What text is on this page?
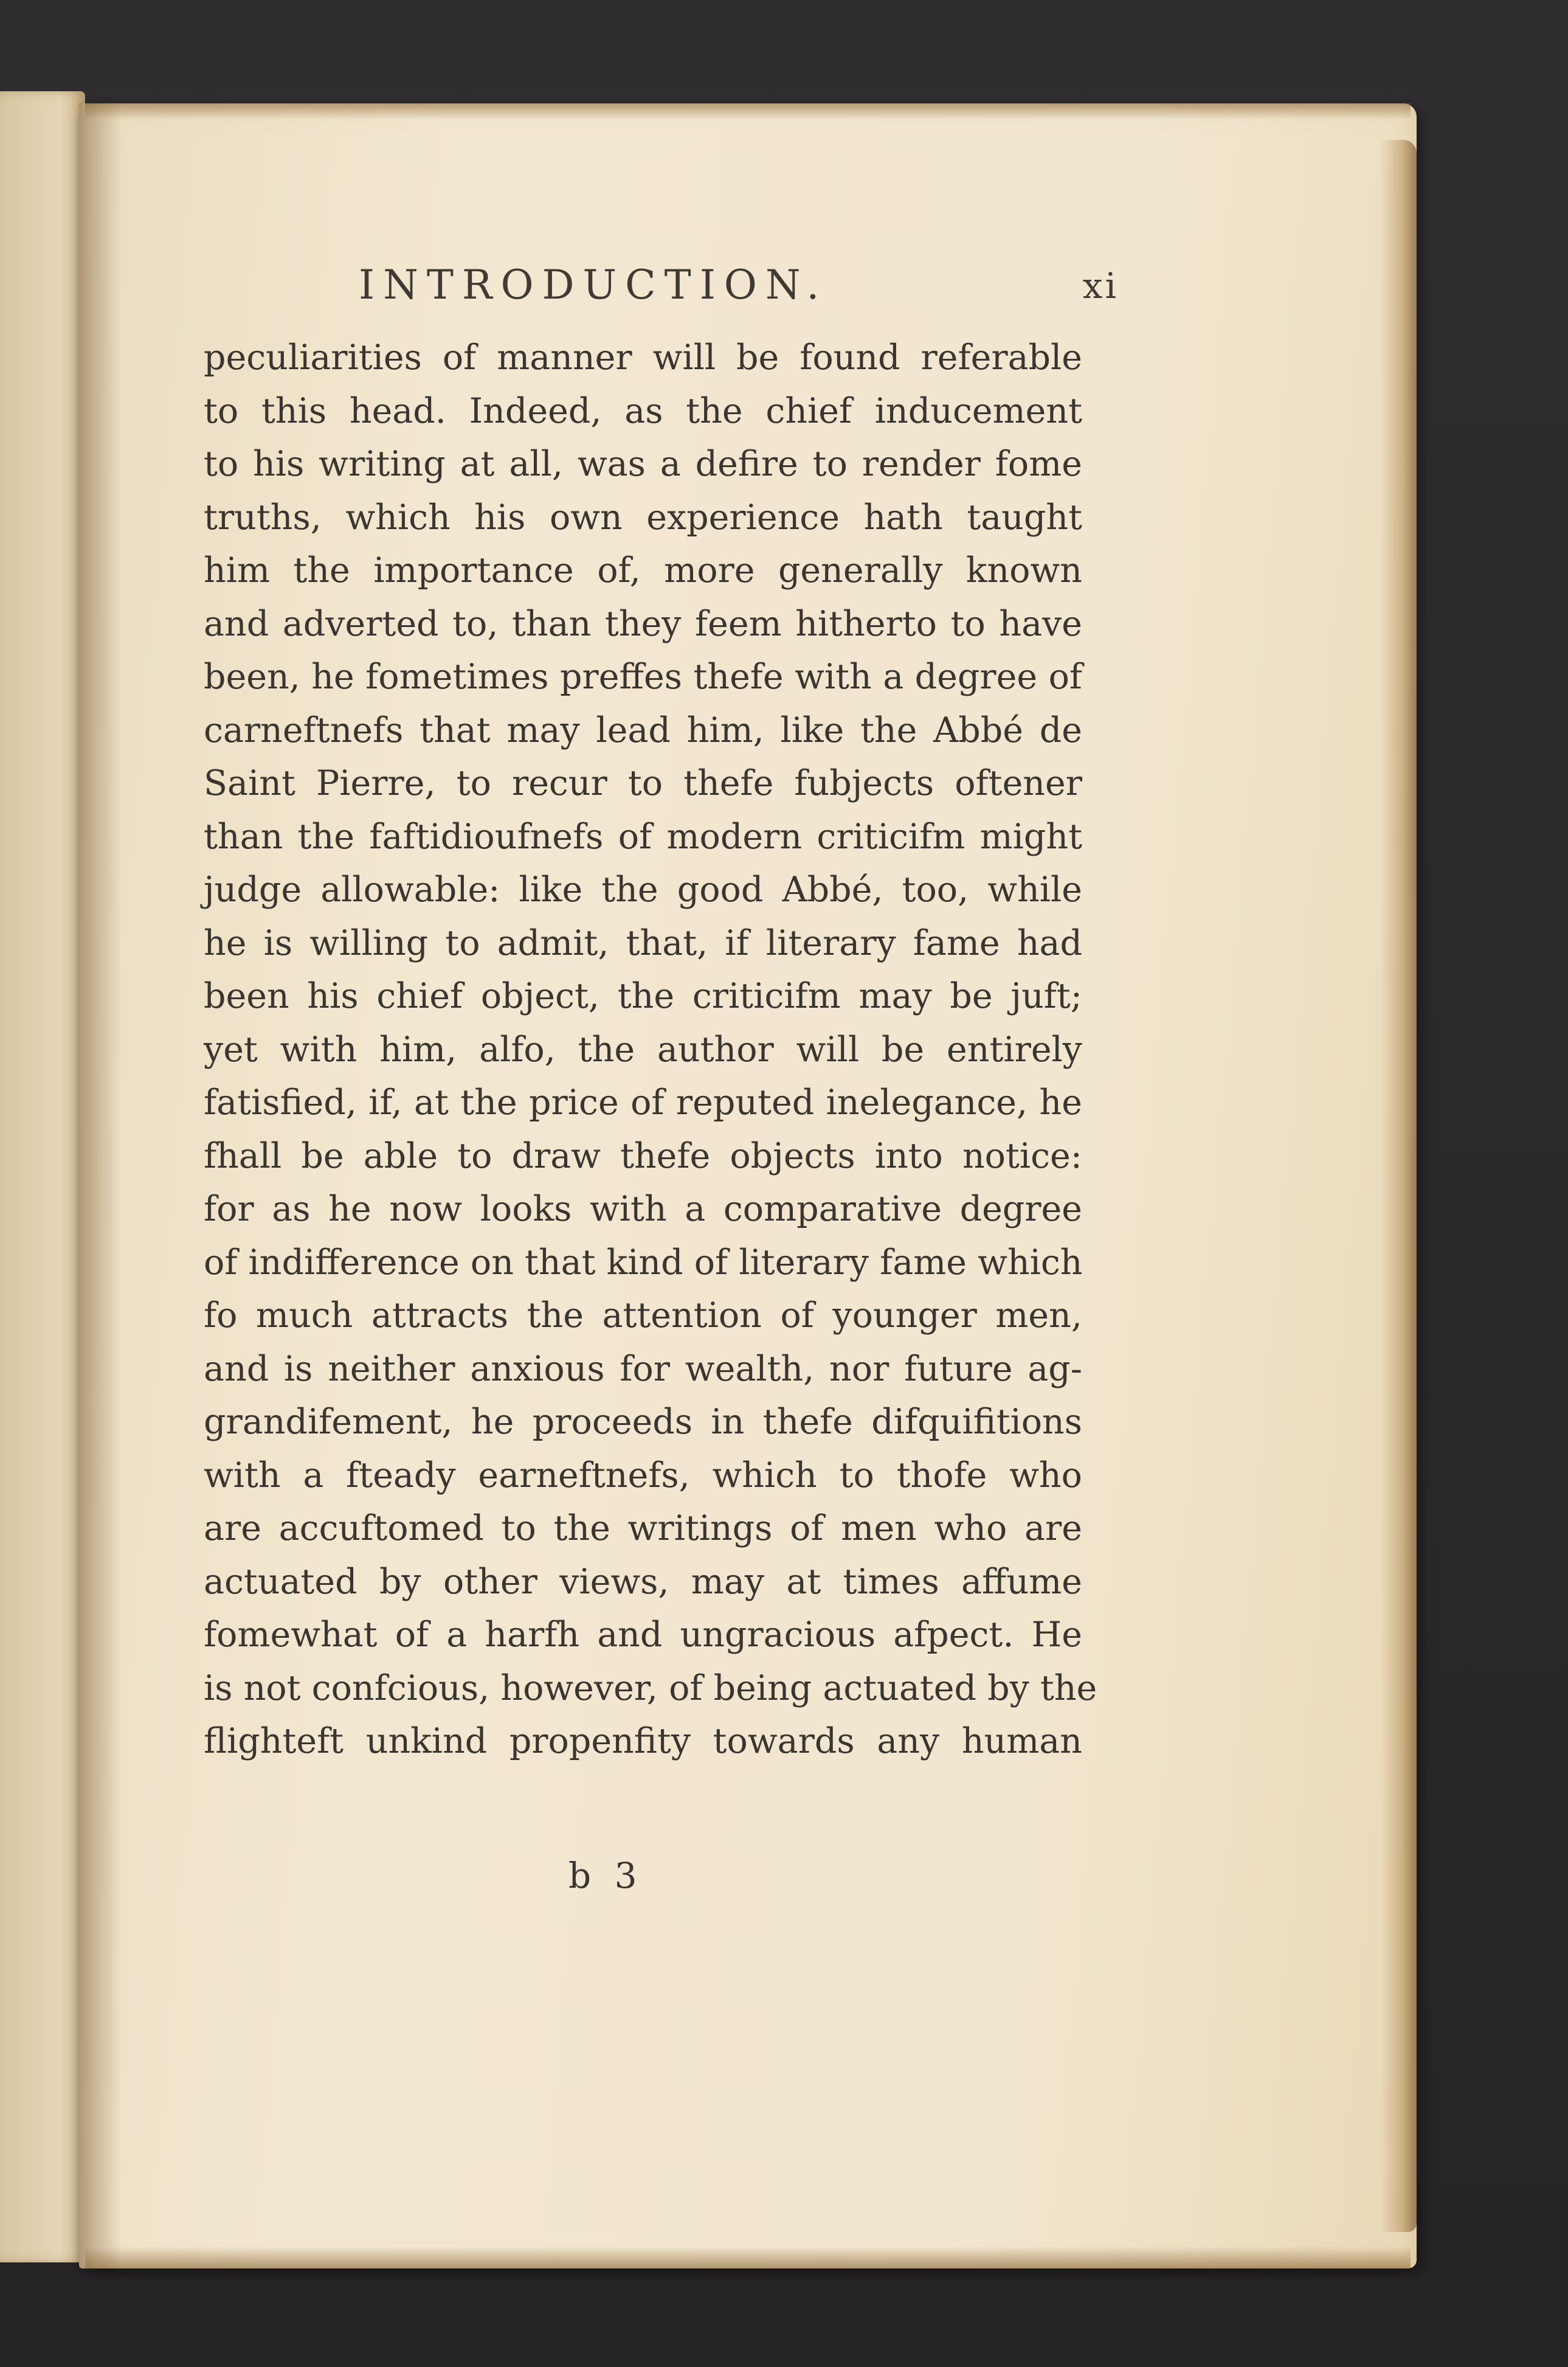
INTRODUCTION.	xi
peculiarities of manner will be found referable
to this head. Indeed, as the chief inducement
to his writing at all, was a defire to render fome
truths, which his own experience hath taught
him the importance of, more generally known
and adverted to, than they feem hitherto to have
been, he fometimes preffes thefe with a degree of
carneftnefs that may lead him, like the Abbé de
Saint Pierre, to recur to thefe fubjects oftener
than the faftidioufnefs of modern criticifm might
judge allowable: like the good Abbé, too, while
he is willing to admit, that, if literary fame had
been his chief object, the criticifm may be juft;
yet with him, alfo, the author will be entirely
fatisfied, if, at the price of reputed inelegance, he
fhall be able to draw thefe objects into notice:
for as he now looks with a comparative degree
of indifference on that kind of literary fame which
fo much attracts the attention of younger men,
and is neither anxious for wealth, nor future ag-
grandifement, he proceeds in thefe difquifitions
with a fteady earneftnefs, which to thofe who
are accuftomed to the writings of men who are
actuated by other views, may at times affume
fomewhat of a harfh and ungracious afpect. He
is not confcious, however, of being actuated by the
flighteft unkind propenfity towards any human
b 3
